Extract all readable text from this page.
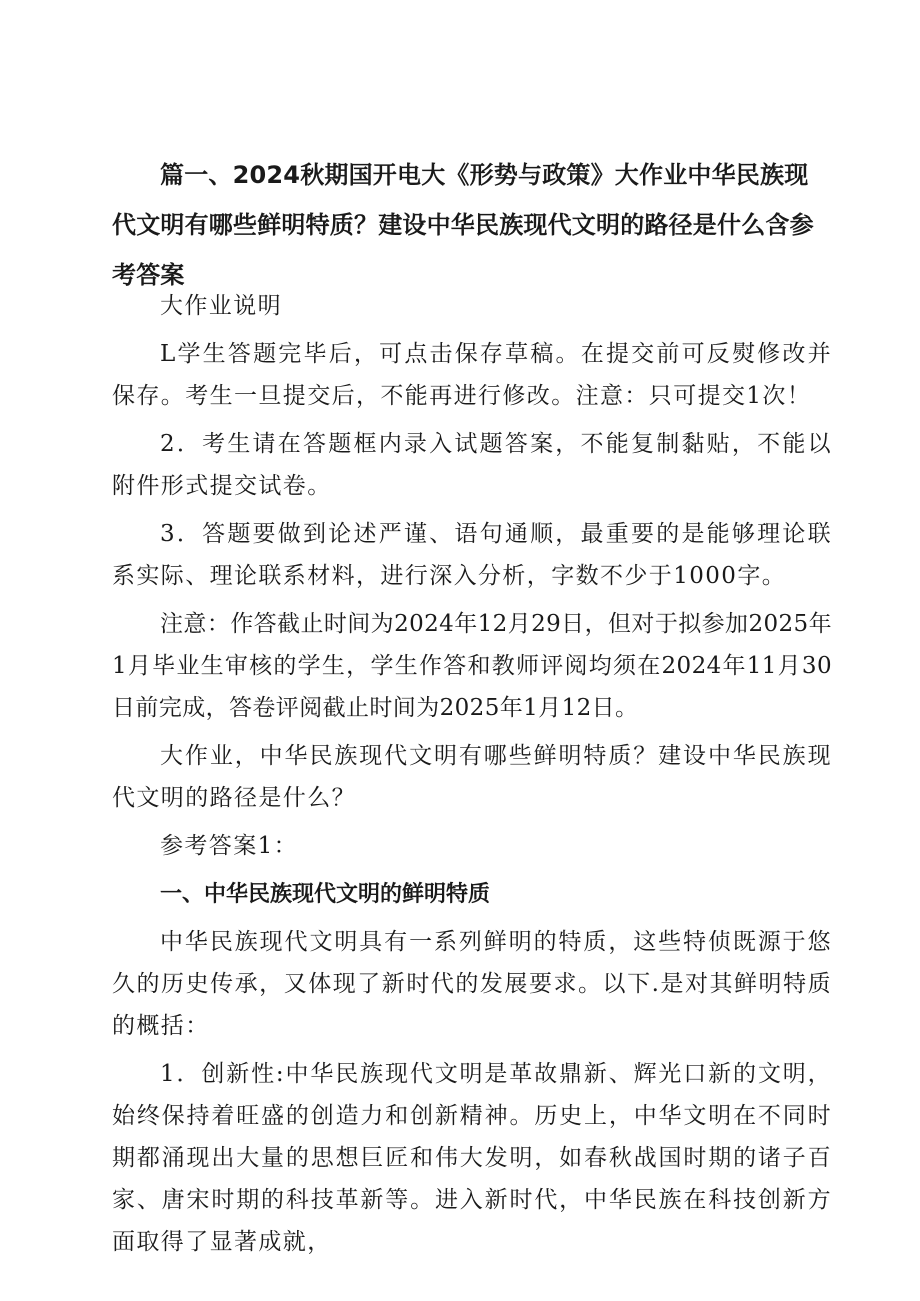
篇一、2024秋期国开电大《形势与政策》大作业中华民族现代文明有哪些鲜明特质？建设中华民族现代文明的路径是什么含参考答案

大作业说明

L学生答题完毕后，可点击保存草稿。在提交前可反熨修改并保存。考生一旦提交后，不能再进行修改。注意：只可提交1次！

2．考生请在答题框内录入试题答案，不能复制黏贴，不能以附件形式提交试卷。

3．答题要做到论述严谨、语句通顺，最重要的是能够理论联系实际、理论联系材料，进行深入分析，字数不少于1000字。

注意：作答截止时间为2024年12月29日，但对于拟参加2025年1月毕业生审核的学生，学生作答和教师评阅均须在2024年11月30日前完成，答卷评阅截止时间为2025年1月12日。

大作业，中华民族现代文明有哪些鲜明特质？建设中华民族现代文明的路径是什么？

参考答案1：

一、中华民族现代文明的鲜明特质

中华民族现代文明具有一系列鲜明的特质，这些特侦既源于悠久的历史传承，又体现了新时代的发展要求。以下.是对其鲜明特质的概括：

1．创新性:中华民族现代文明是革故鼎新、辉光口新的文明，始终保持着旺盛的创造力和创新精神。历史上，中华文明在不同时期都涌现出大量的思想巨匠和伟大发明，如春秋战国时期的诸子百家、唐宋时期的科技革新等。进入新时代，中华民族在科技创新方面取得了显著成就，
